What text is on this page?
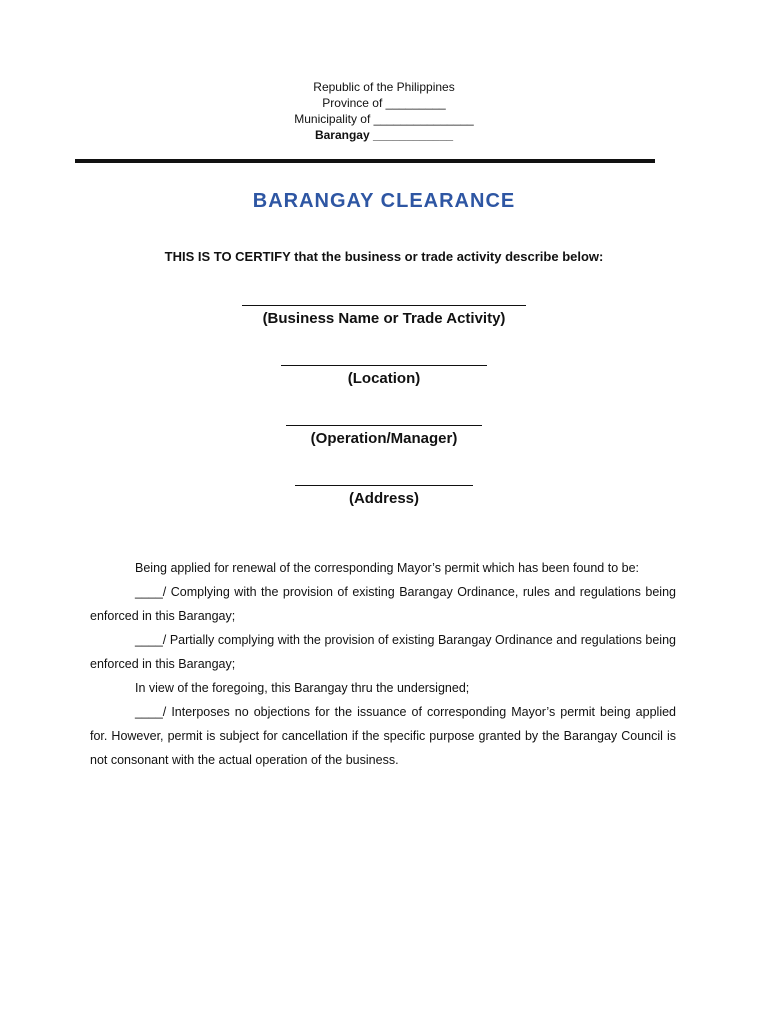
Republic of the Philippines
Province of _________
Municipality of _______________
Barangay ____________
BARANGAY CLEARANCE
THIS IS TO CERTIFY that the business or trade activity describe below:
(Business Name or Trade Activity)
(Location)
(Operation/Manager)
(Address)

Being applied for renewal of the corresponding Mayor’s permit which has been found to be:

____/ Complying with the provision of existing Barangay Ordinance, rules and regulations being enforced in this Barangay;

____/ Partially complying with the provision of existing Barangay Ordinance and regulations being enforced in this Barangay;

In view of the foregoing, this Barangay thru the undersigned;

____/ Interposes no objections for the issuance of corresponding Mayor’s permit being applied for. However, permit is subject for cancellation if the specific purpose granted by the Barangay Council is not consonant with the actual operation of the business.
